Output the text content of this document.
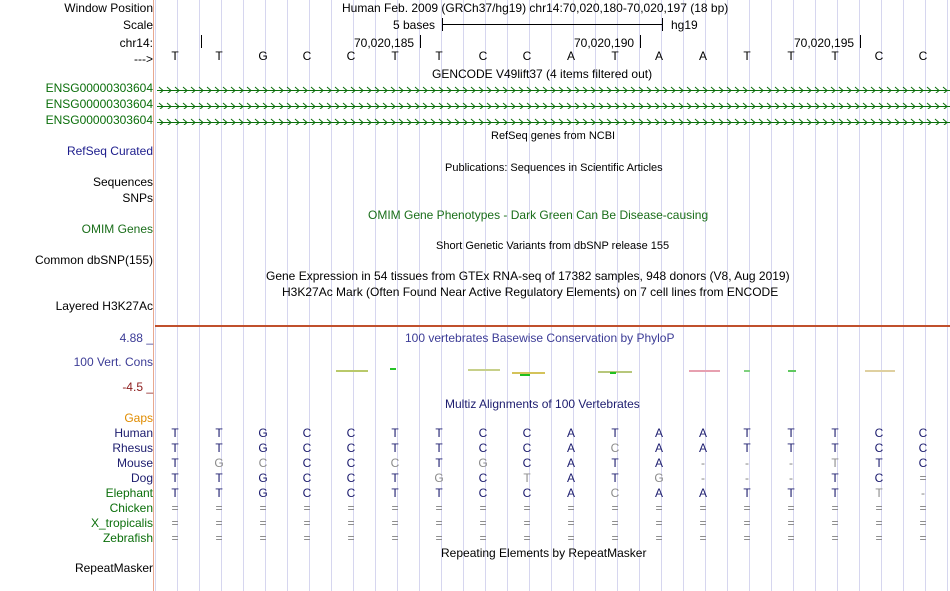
Window Position
Scale
chr14:
--->
Human Feb. 2009 (GRCh37/hg19) chr14:70,020,180-70,020,197 (18 bp)
5 bases	hg19
70,020,185	70,020,190	70,020,195
T	T	G	C	C	T	T	C	C	A	T	A	A	T	T	T	C	C
GENCODE V49lift37 (4 items filtered out)
ENSG00000303604
ENSG00000303604
ENSG00000303604
RefSeq genes from NCBI
RefSeq Curated
Publications: Sequences in Scientific Articles
Sequences
SNPs
OMIM Gene Phenotypes - Dark Green Can Be Disease-causing
OMIM Genes
Short Genetic Variants from dbSNP release 155
Common dbSNP(155)
Gene Expression in 54 tissues from GTEx RNA-seq of 17382 samples, 948 donors (V8, Aug 2019)
H3K27Ac Mark (Often Found Near Active Regulatory Elements) on 7 cell lines from ENCODE
Layered H3K27Ac
100 vertebrates Basewise Conservation by PhyloP
4.88 _
100 Vert. Cons
-4.5 _
Multiz Alignments of 100 Vertebrates
Gaps
Human	T	T	G	C	C	T	T	C	C	A	T	A	A	T	T	T	C	C
Rhesus	T	T	G	C	C	T	T	C	C	A	C	A	A	T	T	T	C	C
Mouse	T	G	C	C	C	C	T	G	C	A	T	A	-	-	-	T	T	C
Dog	T	T	G	C	C	T	G	C	T	A	T	G	-	-	-	T	C	=
Elephant	T	T	G	C	C	T	T	C	C	A	C	A	A	T	T	T	T	-
Chicken	=	=	=	=	=	=	=	=	=	=	=	=	=	=	=	=	=	=
X_tropicalis	=	=	=	=	=	=	=	=	=	=	=	=	=	=	=	=	=	=
Zebrafish	=	=	=	=	=	=	=	=	=	=	=	=	=	=	=	=	=	=
Repeating Elements by RepeatMasker
RepeatMasker
